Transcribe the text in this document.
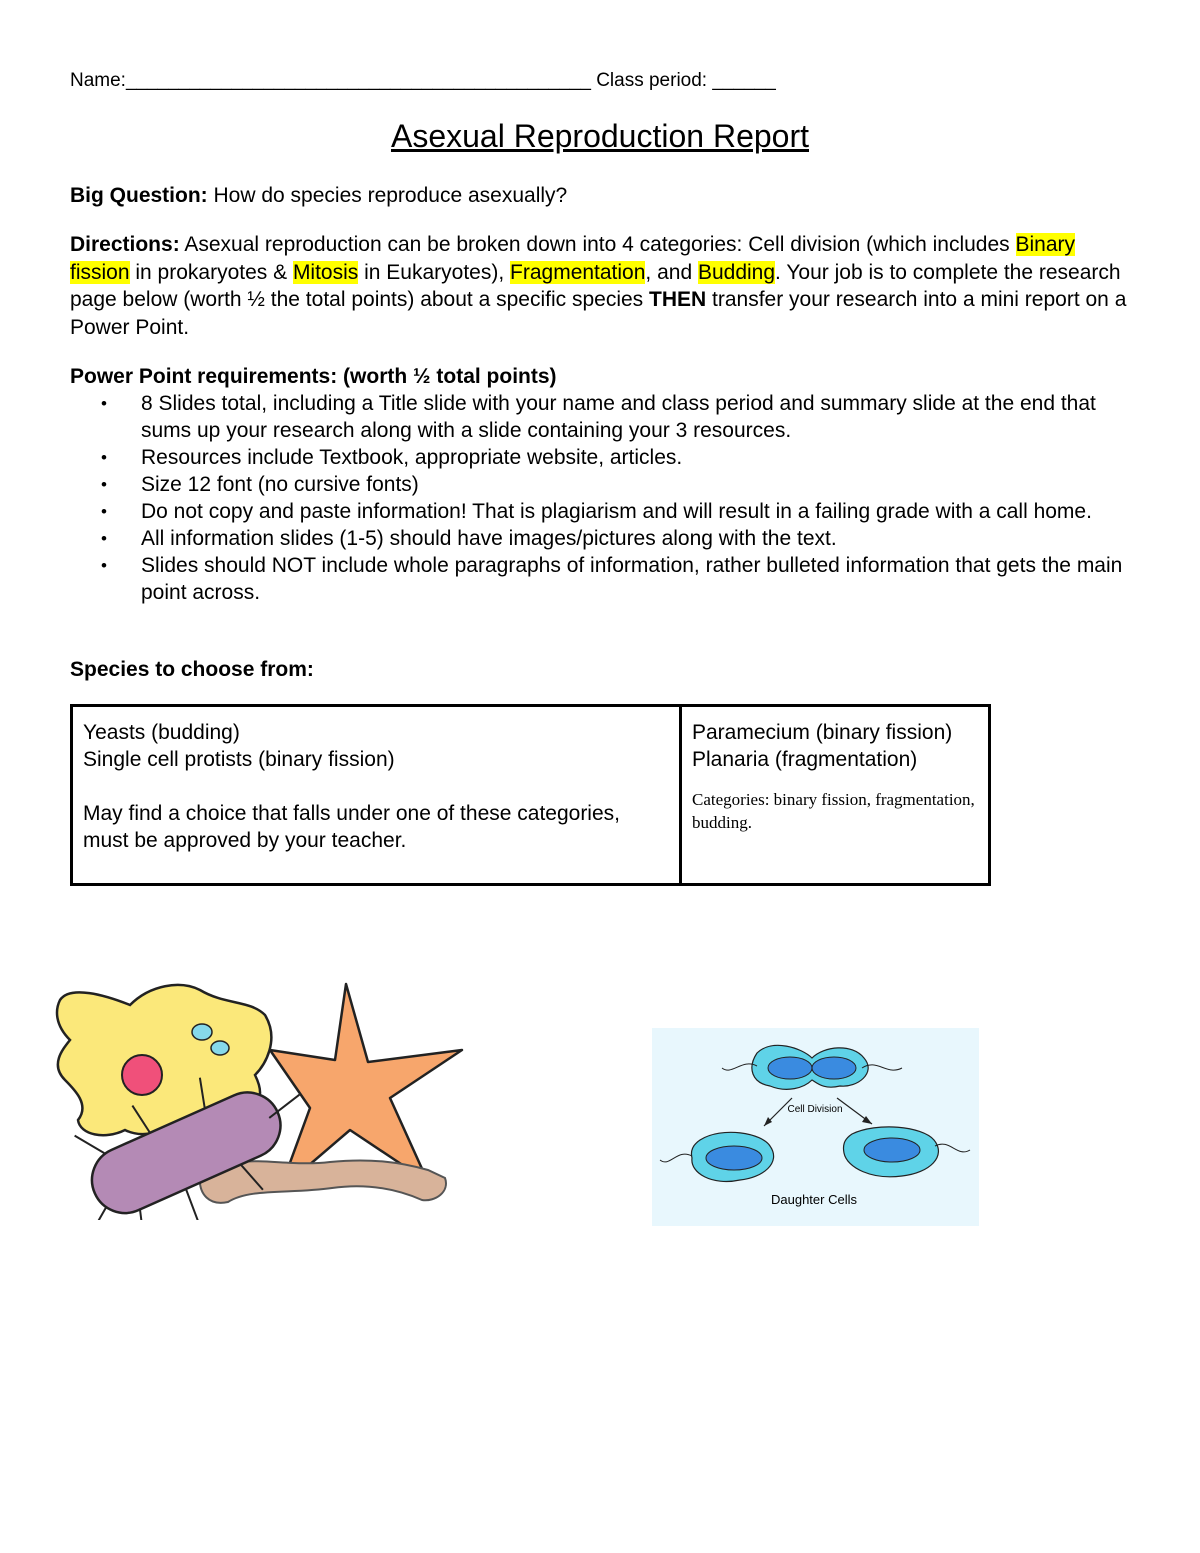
Name:____________________________________________ Class period: ______
Asexual Reproduction Report
Big Question: How do species reproduce asexually?
Directions: Asexual reproduction can be broken down into 4 categories: Cell division (which includes Binary fission in prokaryotes & Mitosis in Eukaryotes), Fragmentation, and Budding. Your job is to complete the research page below (worth ½ the total points) about a specific species THEN transfer your research into a mini report on a Power Point.
Power Point requirements: (worth ½ total points)
• 8 Slides total, including a Title slide with your name and class period and summary slide at the end that sums up your research along with a slide containing your 3 resources.
• Resources include Textbook, appropriate website, articles.
• Size 12 font (no cursive fonts)
• Do not copy and paste information! That is plagiarism and will result in a failing grade with a call home.
• All information slides (1-5) should have images/pictures along with the text.
• Slides should NOT include whole paragraphs of information, rather bulleted information that gets the main point across.
Species to choose from:
Yeasts (budding)
Single cell protists (binary fission)
May find a choice that falls under one of these categories, must be approved by your teacher.

Paramecium (binary fission)
Planaria (fragmentation)
Categories: binary fission, fragmentation, budding.
Cell Division
Daughter Cells
